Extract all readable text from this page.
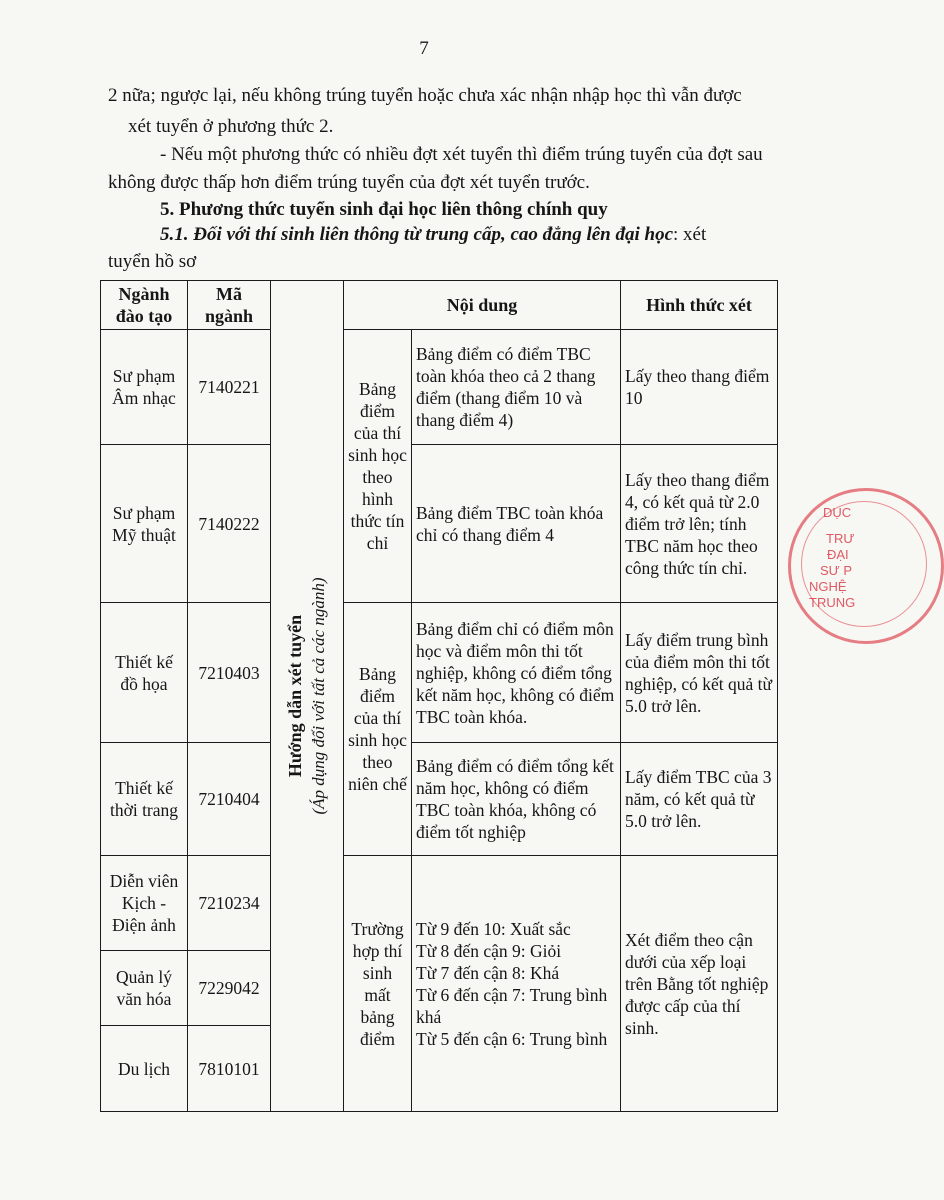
7
2 nữa; ngược lại, nếu không trúng tuyển hoặc chưa xác nhận nhập học thì vẫn được
xét tuyển ở phương thức 2.
- Nếu một phương thức có nhiều đợt xét tuyển thì điểm trúng tuyển của đợt sau
không được thấp hơn điểm trúng tuyển của đợt xét tuyển trước.
5. Phương thức tuyển sinh đại học liên thông chính quy
5.1. Đối với thí sinh liên thông từ trung cấp, cao đẳng lên đại học: xét
tuyển hồ sơ
Ngành đào tạo	Mã ngành	Hướng dẫn xét tuyển (Áp dụng đối với tất cả các ngành)	Nội dung		Hình thức xét
Sư phạm Âm nhạc	7140221		Bảng điểm của thí sinh học theo hình thức tín chỉ	Bảng điểm có điểm TBC toàn khóa theo cả 2 thang điểm (thang điểm 10 và thang điểm 4)	Lấy theo thang điểm 10
Sư phạm Mỹ thuật	7140222			Bảng điểm TBC toàn khóa chỉ có thang điểm 4	Lấy theo thang điểm 4, có kết quả từ 2.0 điểm trở lên; tính TBC năm học theo công thức tín chỉ.
Thiết kế đồ họa	7210403		Bảng điểm của thí sinh học theo niên chế	Bảng điểm chỉ có điểm môn học và điểm môn thi tốt nghiệp, không có điểm tổng kết năm học, không có điểm TBC toàn khóa.	Lấy điểm trung bình của điểm môn thi tốt nghiệp, có kết quả từ 5.0 trở lên.
Thiết kế thời trang	7210404			Bảng điểm có điểm tổng kết năm học, không có điểm TBC toàn khóa, không có điểm tốt nghiệp	Lấy điểm TBC của 3 năm, có kết quả từ 5.0 trở lên.
Diễn viên Kịch - Điện ảnh	7210234		Trường hợp thí sinh mất bảng điểm	Từ 9 đến 10: Xuất sắc
Từ 8 đến cận 9: Giỏi
Từ 7 đến cận 8: Khá
Từ 6 đến cận 7: Trung bình khá
Từ 5 đến cận 6: Trung bình	Xét điểm theo cận dưới của xếp loại trên Bằng tốt nghiệp được cấp của thí sinh.
Quản lý văn hóa	7229042				
Du lịch	7810101				
DỤC
TRƯ
ĐẠI
SƯ P
NGHỆ
TRUNG
